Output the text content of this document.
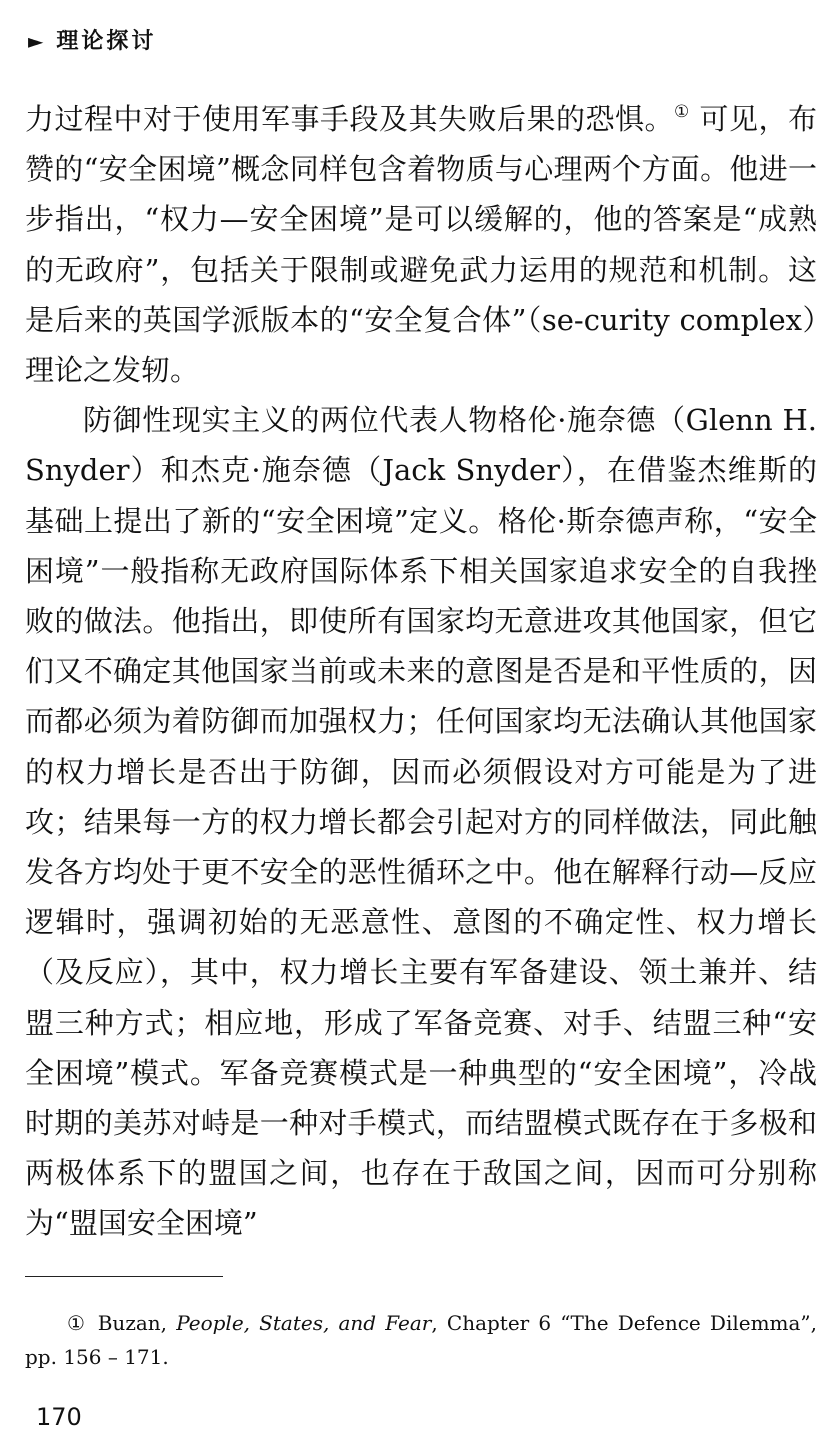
► 理论探讨

力过程中对于使用军事手段及其失败后果的恐惧。① 可见，布赞的“安全困境”概念同样包含着物质与心理两个方面。他进一步指出，“权力—安全困境”是可以缓解的，他的答案是“成熟的无政府”，包括关于限制或避免武力运用的规范和机制。这是后来的英国学派版本的“安全复合体”（se-curity complex）理论之发轫。

防御性现实主义的两位代表人物格伦·施奈德（Glenn H. Snyder）和杰克·施奈德（Jack Snyder），在借鉴杰维斯的基础上提出了新的“安全困境”定义。格伦·斯奈德声称，“安全困境”一般指称无政府国际体系下相关国家追求安全的自我挫败的做法。他指出，即使所有国家均无意进攻其他国家，但它们又不确定其他国家当前或未来的意图是否是和平性质的，因而都必须为着防御而加强权力；任何国家均无法确认其他国家的权力增长是否出于防御，因而必须假设对方可能是为了进攻；结果每一方的权力增长都会引起对方的同样做法，同此触发各方均处于更不安全的恶性循环之中。他在解释行动—反应逻辑时，强调初始的无恶意性、意图的不确定性、权力增长（及反应），其中，权力增长主要有军备建设、领土兼并、结盟三种方式；相应地，形成了军备竞赛、对手、结盟三种“安全困境”模式。军备竞赛模式是一种典型的“安全困境”，冷战时期的美苏对峙是一种对手模式，而结盟模式既存在于多极和两极体系下的盟国之间，也存在于敌国之间，因而可分别称为“盟国安全困境”

① Buzan, People, States, and Fear, Chapter 6 “The Defence Dilemma”, pp. 156 – 171.
170
